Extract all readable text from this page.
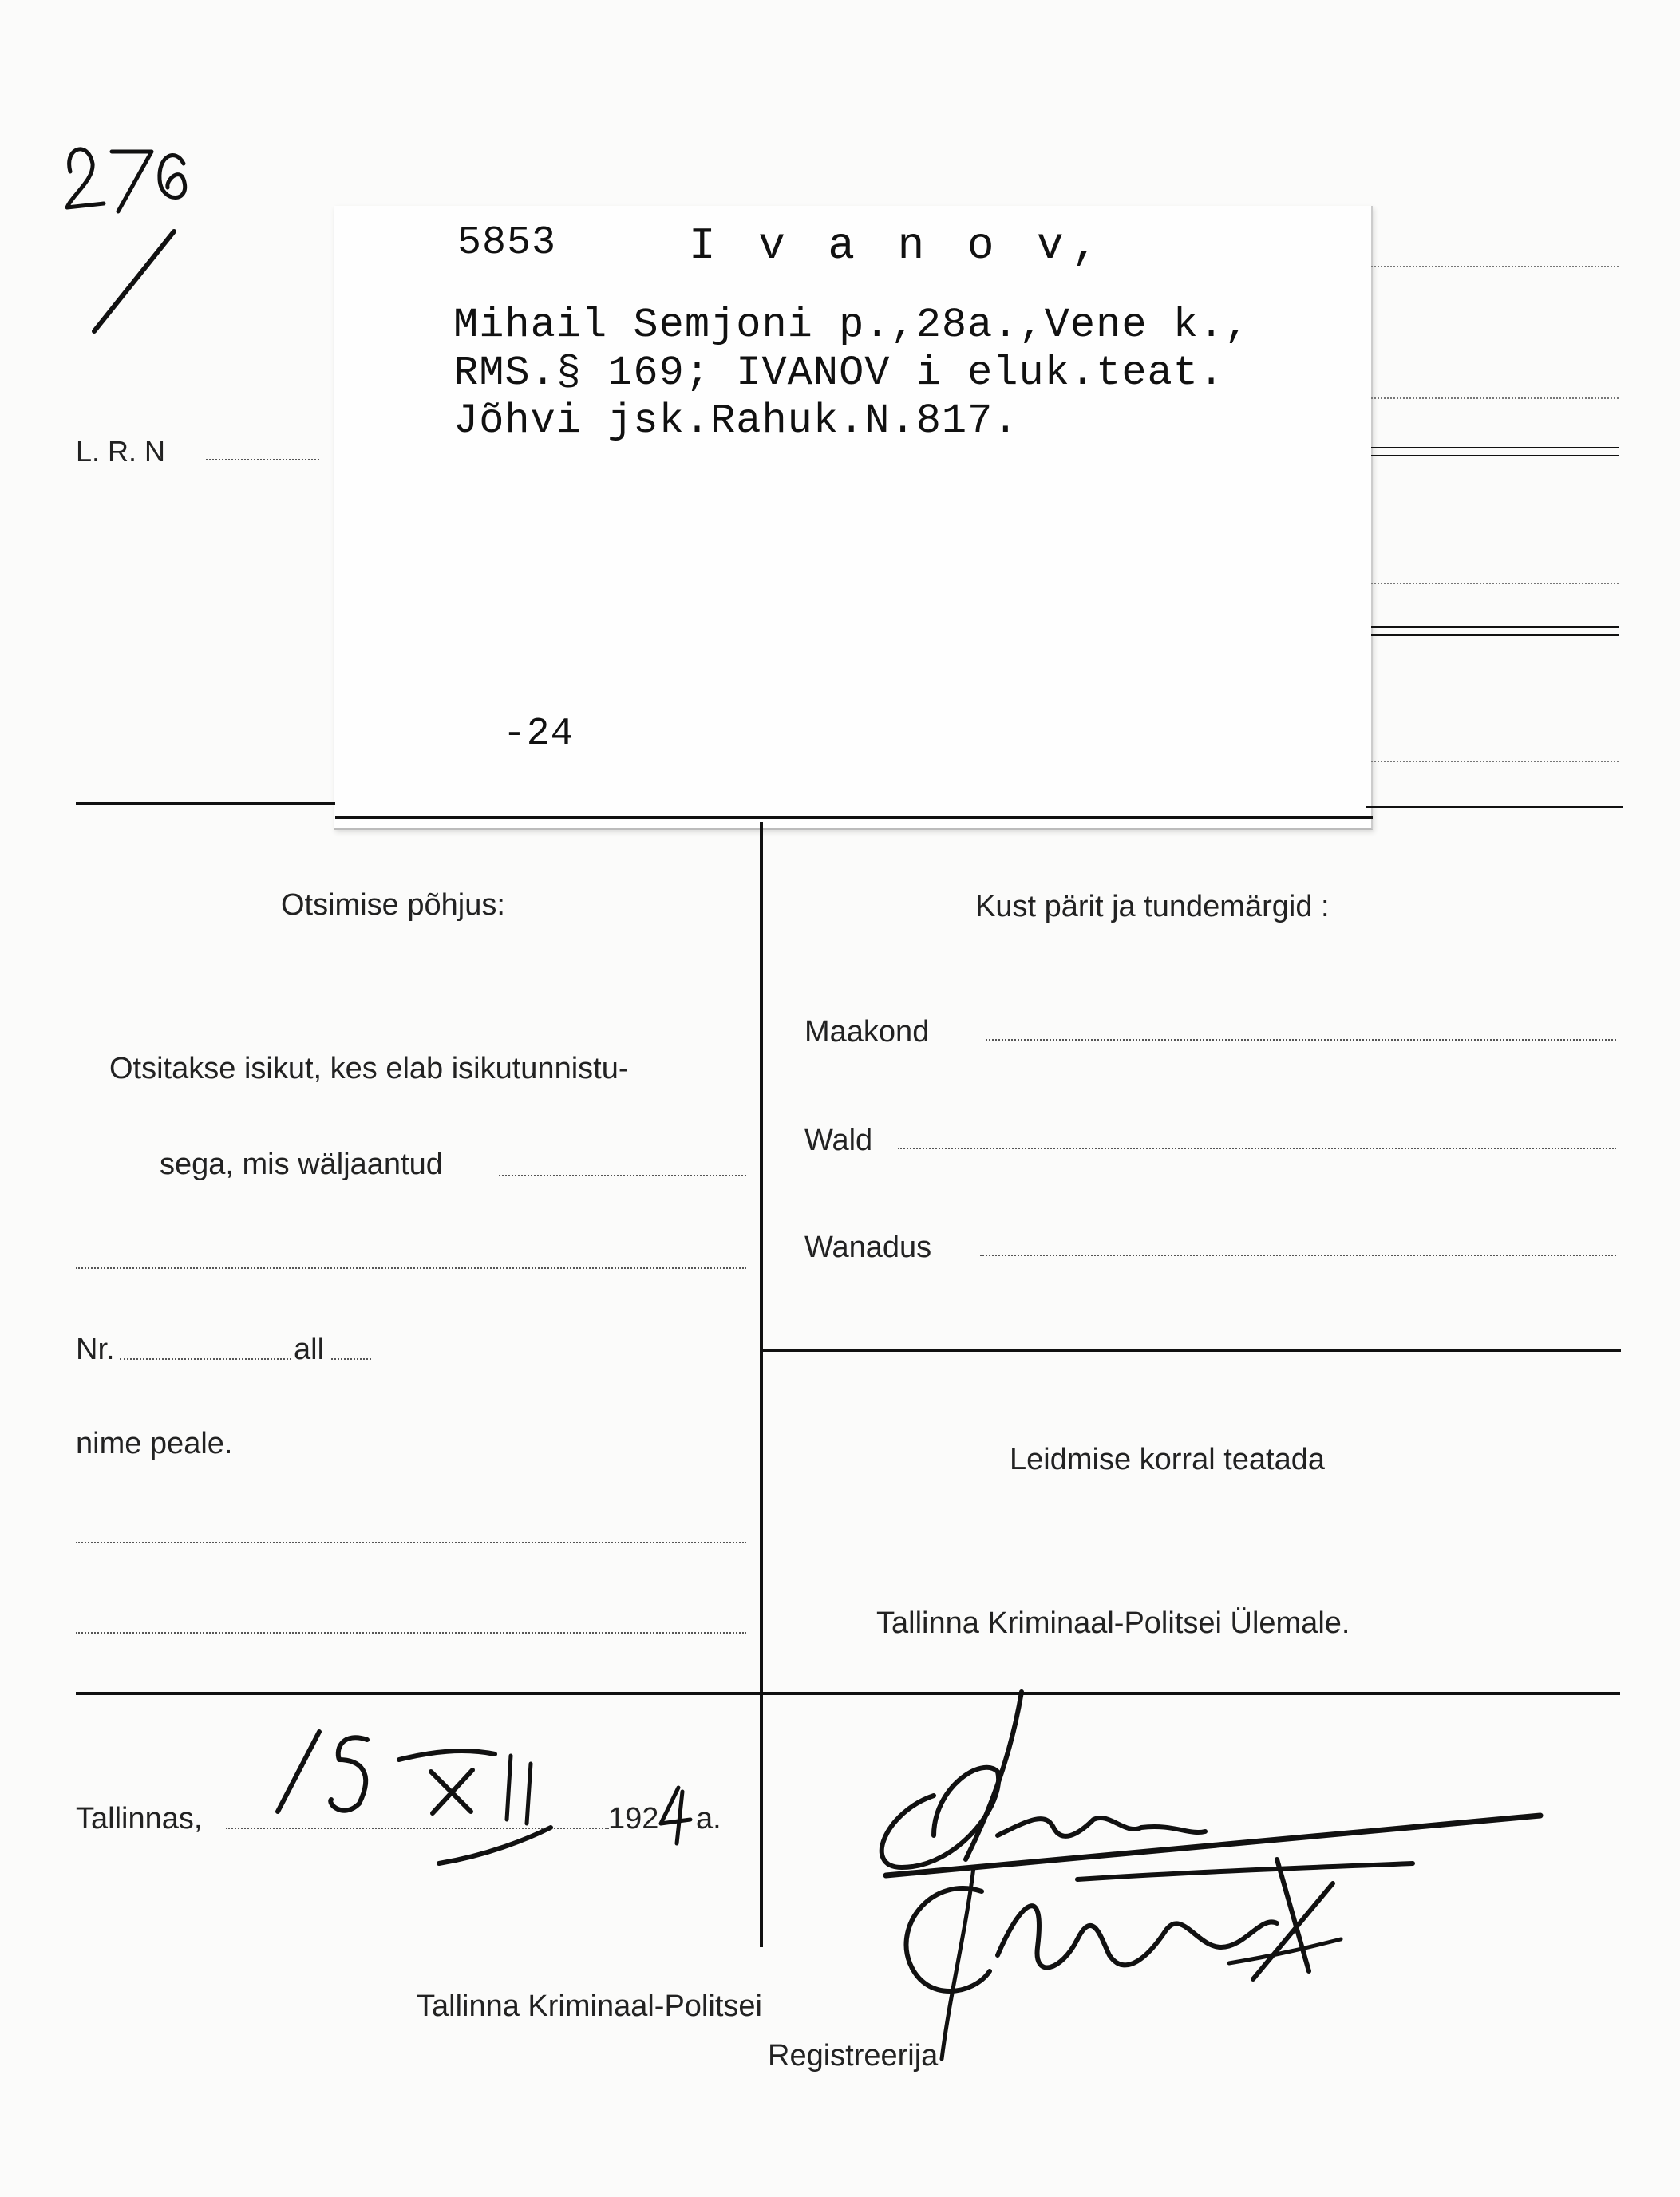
5853	I v a n o v,
Mihail Semjoni p.,28a.,Vene k.,
RMS.§ 169; IVANOV i eluk.teat.
Jõhvi jsk.Rahuk.N.817.
-24
L. R. N
Otsimise põhjus:
Otsitakse isikut, kes elab isikutunnistu-
sega, mis wäljaantud
Nr.	all
nime peale.
Kust pärit ja tundemärgid :
Maakond
Wald
Wanadus
Leidmise korral teatada
Tallinna Kriminaal-Politsei Ülemale.
Tallinnas,	192 a.
Tallinna Kriminaal-Politsei
Registreerija
